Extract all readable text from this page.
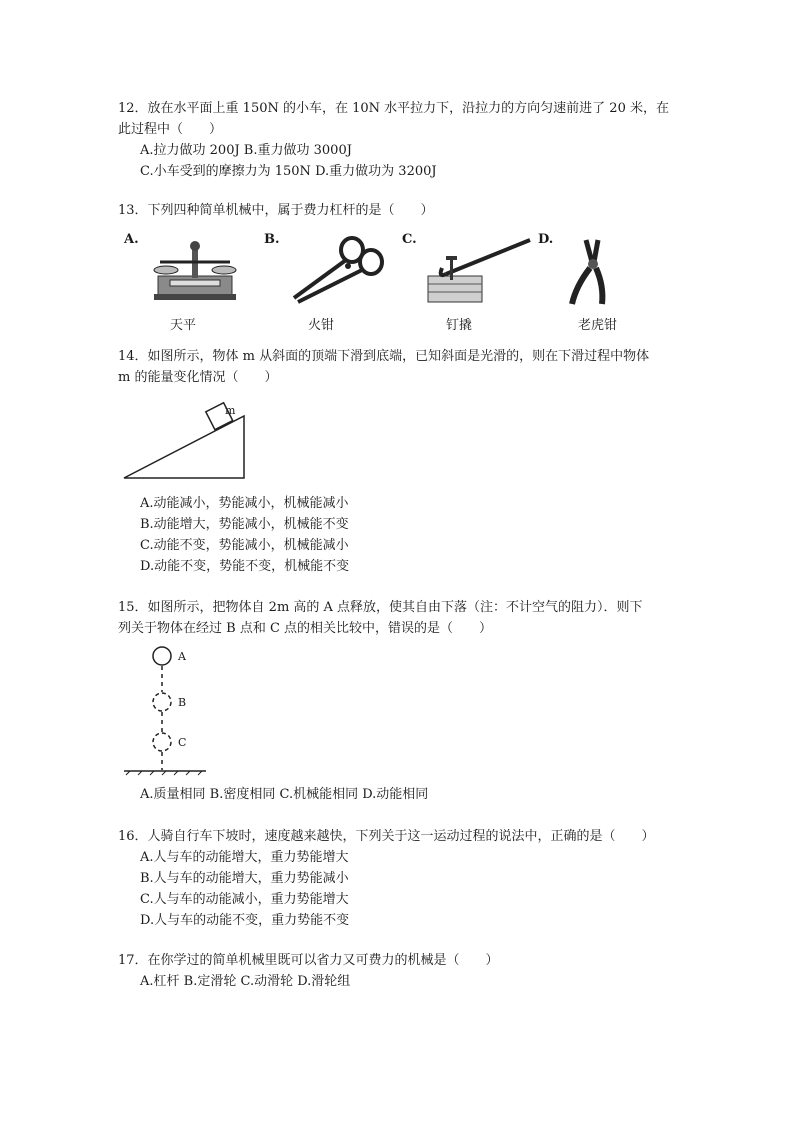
12．放在水平面上重 150N 的小车，在 10N 水平拉力下，沿拉力的方向匀速前进了 20 米，在
此过程中（　　）
A.拉力做功 200J B.重力做功 3000J
C.小车受到的摩擦力为 150N D.重力做功为 3200J
13．下列四种简单机械中，属于费力杠杆的是（　　）
A.	B.	C.	D.
天平	火钳	钉撬	老虎钳
14．如图所示，物体 m 从斜面的顶端下滑到底端，已知斜面是光滑的，则在下滑过程中物体
m 的能量变化情况（　　）
m
A.动能减小，势能减小，机械能减小
B.动能增大，势能减小，机械能不变
C.动能不变，势能减小，机械能减小
D.动能不变，势能不变，机械能不变
15．如图所示，把物体自 2m 高的 A 点释放，使其自由下落（注：不计空气的阻力）．则下
列关于物体在经过 B 点和 C 点的相关比较中，错误的是（　　）
A
B
C
A.质量相同 B.密度相同 C.机械能相同 D.动能相同
16．人骑自行车下坡时，速度越来越快，下列关于这一运动过程的说法中，正确的是（　　）
A.人与车的动能增大，重力势能增大
B.人与车的动能增大，重力势能减小
C.人与车的动能减小，重力势能增大
D.人与车的动能不变，重力势能不变
17．在你学过的简单机械里既可以省力又可费力的机械是（　　）
A.杠杆 B.定滑轮 C.动滑轮 D.滑轮组
